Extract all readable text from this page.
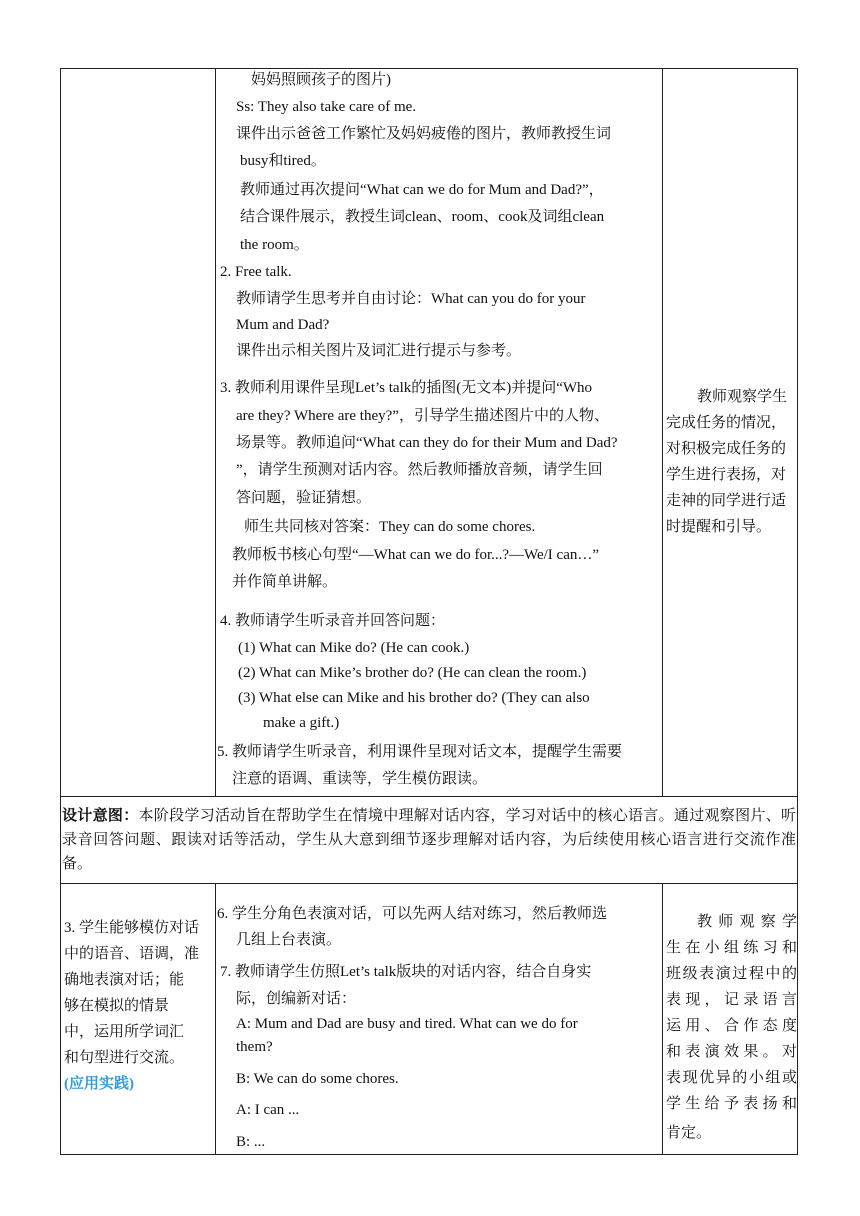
妈妈照顾孩子的图片)
Ss: They also take care of me.
课件出示爸爸工作繁忙及妈妈疲倦的图片，教师教授生词
busy和tired。
教师通过再次提问“What can we do for Mum and Dad?”，
结合课件展示，教授生词clean、room、cook及词组clean
the room。
2. Free talk.
教师请学生思考并自由讨论：What can you do for your
Mum and Dad?
课件出示相关图片及词汇进行提示与参考。
3. 教师利用课件呈现Let’s talk的插图(无文本)并提问“Who
are they? Where are they?”，引导学生描述图片中的人物、
场景等。教师追问“What can they do for their Mum and Dad?
”，请学生预测对话内容。然后教师播放音频，请学生回
答问题，验证猜想。
师生共同核对答案：They can do some chores.
教师板书核心句型“—What can we do for...?—We/I can…”
并作简单讲解。
4. 教师请学生听录音并回答问题：
(1) What can Mike do? (He can cook.)
(2) What can Mike’s brother do? (He can clean the room.)
(3) What else can Mike and his brother do? (They can also
make a gift.)
5. 教师请学生听录音，利用课件呈现对话文本，提醒学生需要
注意的语调、重读等，学生模仿跟读。
教师观察学生
完成任务的情况，
对积极完成任务的
学生进行表扬，对
走神的同学进行适
时提醒和引导。
设计意图：本阶段学习活动旨在帮助学生在情境中理解对话内容，学习对话中的核心语言。通过观察图片、听录音回答问题、跟读对话等活动，学生从大意到细节逐步理解对话内容，为后续使用核心语言进行交流作准备。
3. 学生能够模仿对话
中的语音、语调，准
确地表演对话；能
够在模拟的情景
中，运用所学词汇
和句型进行交流。
(应用实践)
6. 学生分角色表演对话，可以先两人结对练习，然后教师选
几组上台表演。
7. 教师请学生仿照Let’s talk版块的对话内容，结合自身实
际，创编新对话：
A: Mum and Dad are busy and tired. What can we do for
them?
B: We can do some chores.
A: I can ...
B: ...
教师观察学
生在小组练习和
班级表演过程中的
表现，记录语言
运用、合作态度
和表演效果。对
表现优异的小组或
学生给予表扬和
肯定。
